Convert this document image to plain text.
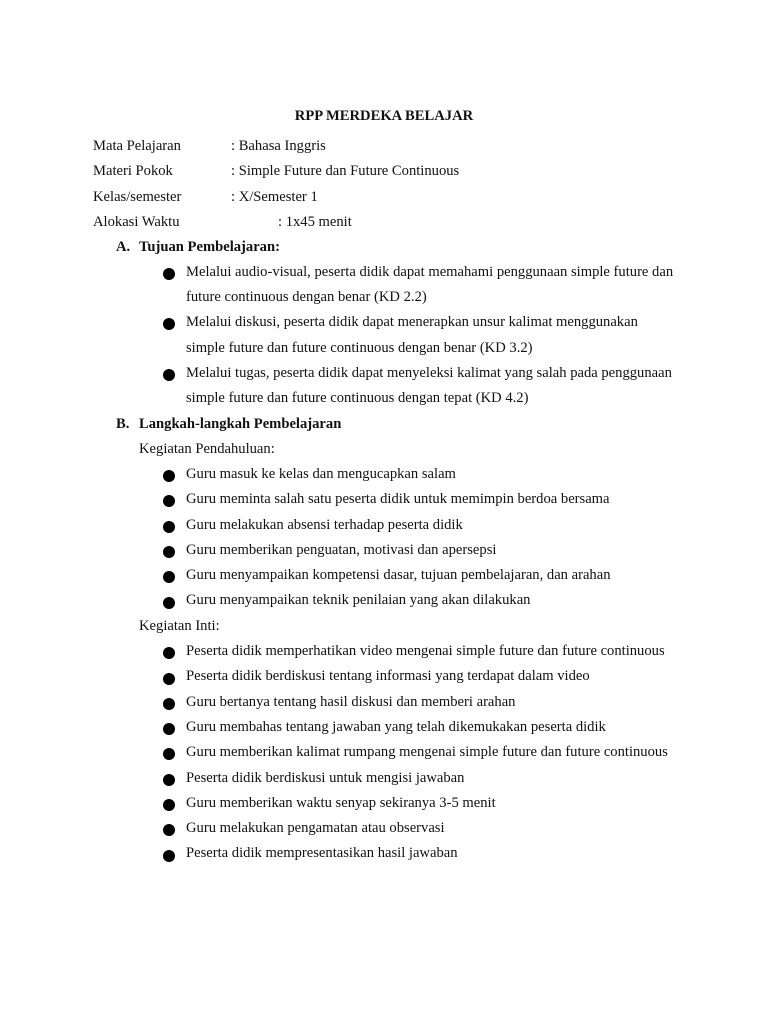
RPP MERDEKA BELAJAR
Mata Pelajaran	: Bahasa Inggris
Materi Pokok	: Simple Future dan Future Continuous
Kelas/semester	: X/Semester 1
Alokasi Waktu	: 1x45 menit
A. Tujuan Pembelajaran:
Melalui audio-visual, peserta didik dapat memahami penggunaan simple future dan future continuous dengan benar (KD 2.2)
Melalui diskusi, peserta didik dapat menerapkan unsur kalimat menggunakan simple future dan future continuous dengan benar (KD 3.2)
Melalui tugas, peserta didik dapat menyeleksi kalimat yang salah pada penggunaan simple future dan future continuous dengan tepat (KD 4.2)
B. Langkah-langkah Pembelajaran
Kegiatan Pendahuluan:
Guru masuk ke kelas dan mengucapkan salam
Guru meminta salah satu peserta didik untuk memimpin berdoa bersama
Guru melakukan absensi terhadap peserta didik
Guru memberikan penguatan, motivasi dan apersepsi
Guru menyampaikan kompetensi dasar, tujuan pembelajaran, dan arahan
Guru menyampaikan teknik penilaian yang akan dilakukan
Kegiatan Inti:
Peserta didik memperhatikan video mengenai simple future dan future continuous
Peserta didik berdiskusi tentang informasi yang terdapat dalam video
Guru bertanya tentang hasil diskusi dan memberi arahan
Guru membahas tentang jawaban yang telah dikemukakan peserta didik
Guru memberikan kalimat rumpang mengenai simple future dan future continuous
Peserta didik berdiskusi untuk mengisi jawaban
Guru memberikan waktu senyap sekiranya 3-5 menit
Guru melakukan pengamatan atau observasi
Peserta didik mempresentasikan hasil jawaban
